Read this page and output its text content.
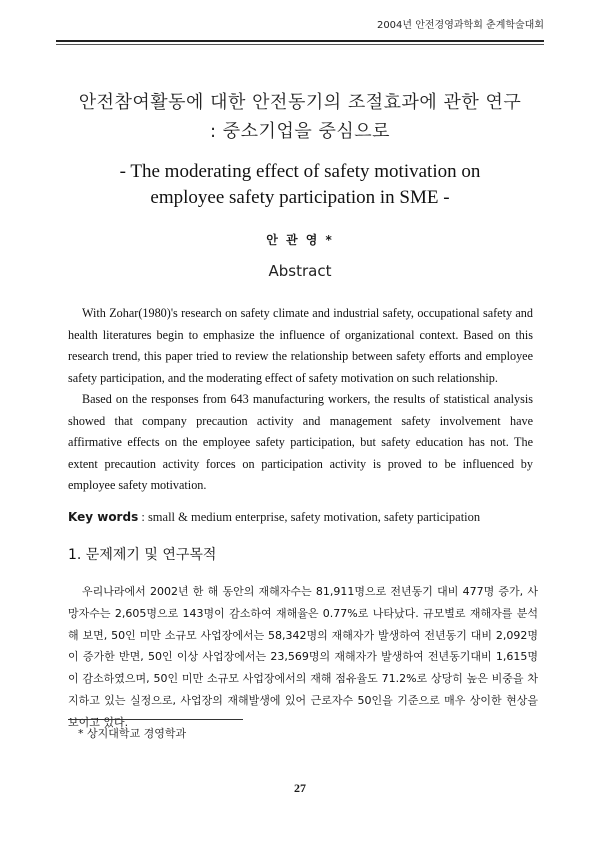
2004년 안전경영과학회 춘계학술대회
안전참여활동에 대한 안전동기의 조절효과에 관한 연구
: 중소기업을 중심으로
- The moderating effect of safety motivation on
employee safety participation in SME -
안 관 영 *
Abstract
With Zohar(1980)'s research on safety climate and industrial safety, occupational safety and health literatures begin to emphasize the influence of organizational context. Based on this research trend, this paper tried to review the relationship between safety efforts and employee safety participation, and the moderating effect of safety motivation on such relationship.
Based on the responses from 643 manufacturing workers, the results of statistical analysis showed that company precaution activity and management safety involvement have affirmative effects on the employee safety participation, but safety education has not. The extent precaution activity forces on participation activity is proved to be influenced by employee safety motivation.
Key words : small & medium enterprise, safety motivation, safety participation
1. 문제제기 및 연구목적
우리나라에서 2002년 한 해 동안의 재해자수는 81,911명으로 전년동기 대비 477명 증가, 사망자수는 2,605명으로 143명이 감소하여 재해율은 0.77%로 나타났다. 규모별로 재해자를 분석해 보면, 50인 미만 소규모 사업장에서는 58,342명의 재해자가 발생하여 전년동기 대비 2,092명이 증가한 반면, 50인 이상 사업장에서는 23,569명의 재해자가 발생하여 전년동기대비 1,615명이 감소하였으며, 50인 미만 소규모 사업장에서의 재해 점유율도 71.2%로 상당히 높은 비중을 차지하고 있는 실정으로, 사업장의 재해발생에 있어 근로자수 50인을 기준으로 매우 상이한 현상을 보이고 있다.
* 상지대학교 경영학과
27
